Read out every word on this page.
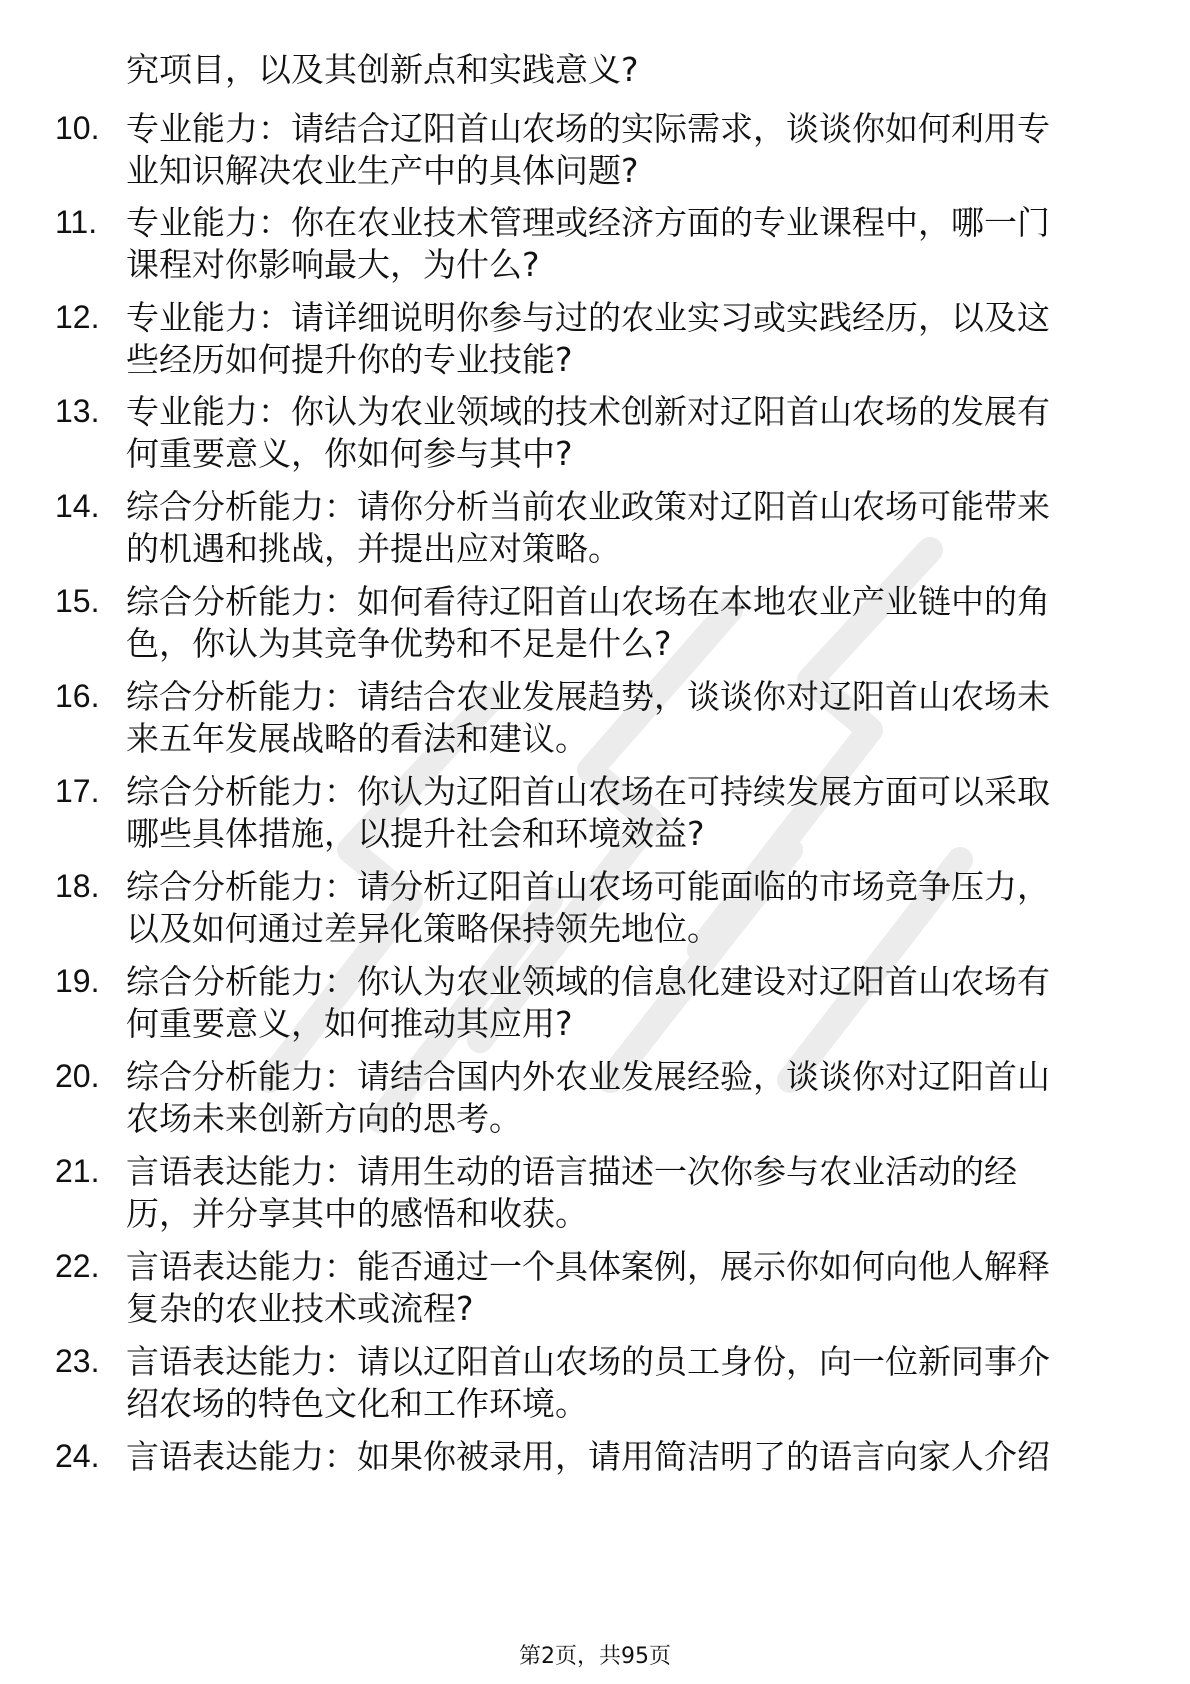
究项目，以及其创新点和实践意义?
10. 专业能力：请结合辽阳首山农场的实际需求，谈谈你如何利用专
业知识解决农业生产中的具体问题?
11. 专业能力：你在农业技术管理或经济方面的专业课程中，哪一门
课程对你影响最大，为什么?
12. 专业能力：请详细说明你参与过的农业实习或实践经历，以及这
些经历如何提升你的专业技能?
13. 专业能力：你认为农业领域的技术创新对辽阳首山农场的发展有
何重要意义，你如何参与其中?
14. 综合分析能力：请你分析当前农业政策对辽阳首山农场可能带来
的机遇和挑战，并提出应对策略。
15. 综合分析能力：如何看待辽阳首山农场在本地农业产业链中的角
色，你认为其竞争优势和不足是什么?
16. 综合分析能力：请结合农业发展趋势，谈谈你对辽阳首山农场未
来五年发展战略的看法和建议。
17. 综合分析能力：你认为辽阳首山农场在可持续发展方面可以采取
哪些具体措施，以提升社会和环境效益?
18. 综合分析能力：请分析辽阳首山农场可能面临的市场竞争压力，
以及如何通过差异化策略保持领先地位。
19. 综合分析能力：你认为农业领域的信息化建设对辽阳首山农场有
何重要意义，如何推动其应用?
20. 综合分析能力：请结合国内外农业发展经验，谈谈你对辽阳首山
农场未来创新方向的思考。
21. 言语表达能力：请用生动的语言描述一次你参与农业活动的经
历，并分享其中的感悟和收获。
22. 言语表达能力：能否通过一个具体案例，展示你如何向他人解释
复杂的农业技术或流程?
23. 言语表达能力：请以辽阳首山农场的员工身份，向一位新同事介
绍农场的特色文化和工作环境。
24. 言语表达能力：如果你被录用，请用简洁明了的语言向家人介绍
第2页，共95页
